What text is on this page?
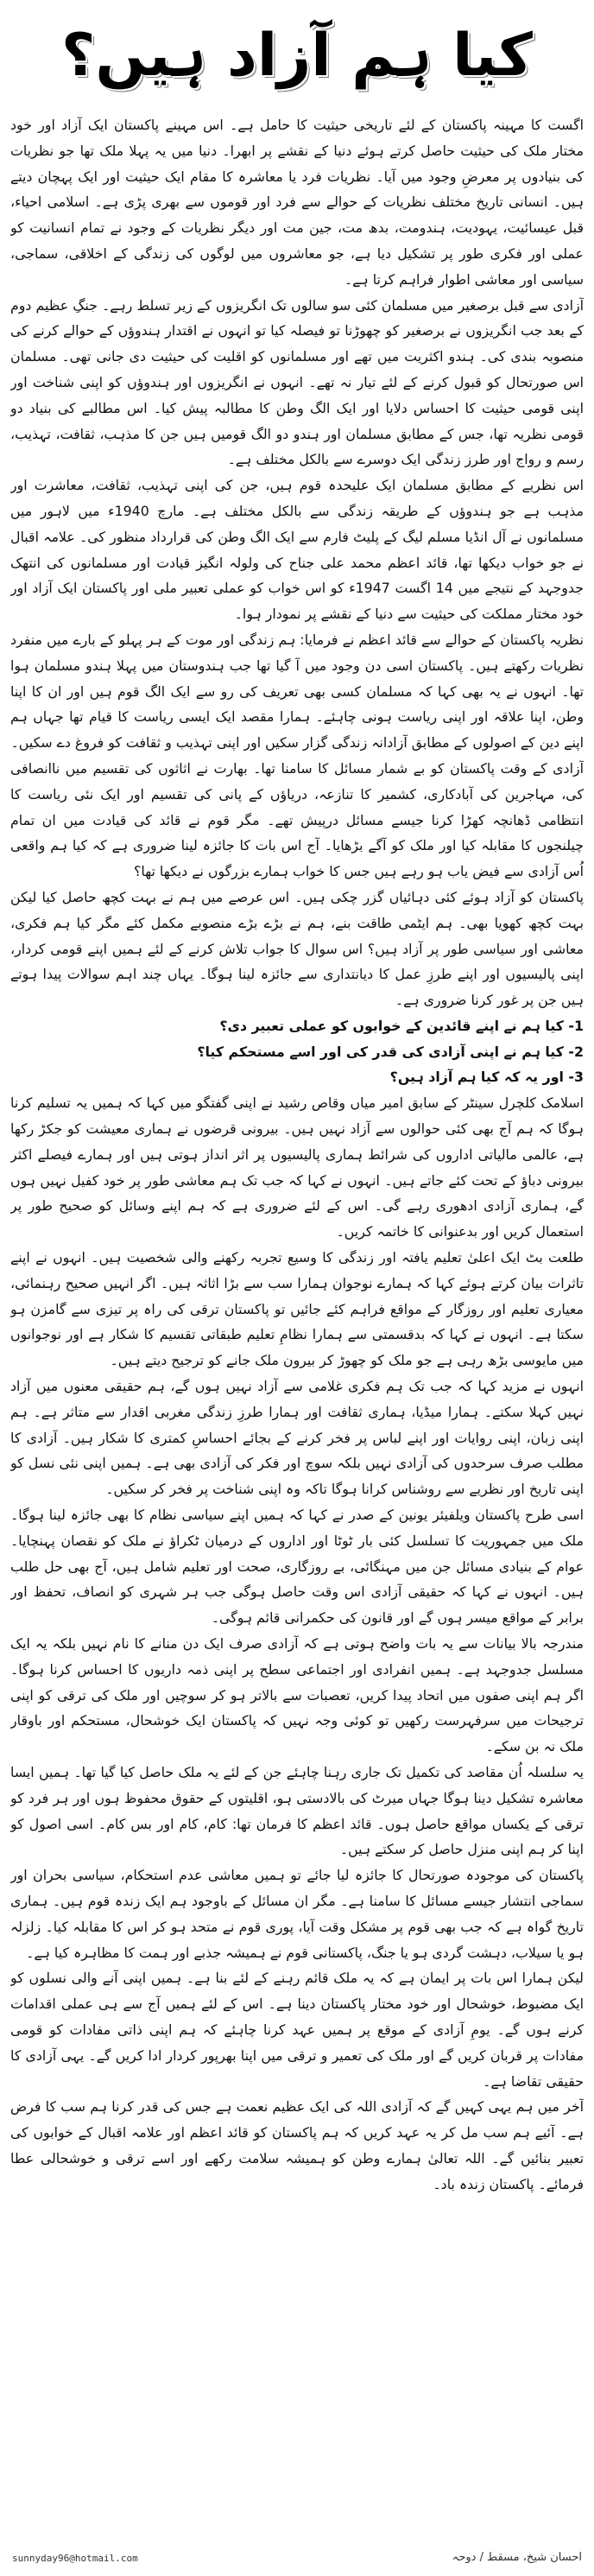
کیا ہم آزاد ہیں؟

اگست کا مہینہ پاکستان کے لئے تاریخی حیثیت کا حامل ہے۔ اس مہینے پاکستان ایک آزاد اور خود مختار ملک کی حیثیت حاصل کرتے ہوئے دنیا کے نقشے پر ابھرا۔ دنیا میں یہ پہلا ملک تھا جو نظریات کی بنیادوں پر معرضِ وجود میں آیا۔ نظریات فرد یا معاشرہ کا مقام ایک حیثیت اور ایک پہچان دیتے ہیں۔ انسانی تاریخ مختلف نظریات کے حوالے سے فرد اور قوموں سے بھری پڑی ہے۔ اسلامی احیاء، قبل عیسائیت، یہودیت، ہندومت، بدھ مت، جین مت اور دیگر نظریات کے وجود نے تمام انسانیت کو عملی اور فکری طور پر تشکیل دیا ہے، جو معاشروں میں لوگوں کی زندگی کے اخلاقی، سماجی، سیاسی اور معاشی اطوار فراہم کرتا ہے۔

آزادی سے قبل برصغیر میں مسلمان کئی سو سالوں تک انگریزوں کے زیر تسلط رہے۔ جنگِ عظیم دوم کے بعد جب انگریزوں نے برصغیر کو چھوڑنا تو فیصلہ کیا تو انہوں نے اقتدار ہندوؤں کے حوالے کرنے کی منصوبہ بندی کی۔ ہندو اکثریت میں تھے اور مسلمانوں کو اقلیت کی حیثیت دی جانی تھی۔ مسلمان اس صورتحال کو قبول کرنے کے لئے تیار نہ تھے۔ انہوں نے انگریزوں اور ہندوؤں کو اپنی شناخت اور اپنی قومی حیثیت کا احساس دلایا اور ایک الگ وطن کا مطالبہ پیش کیا۔ اس مطالبے کی بنیاد دو قومی نظریہ تھا، جس کے مطابق مسلمان اور ہندو دو الگ قومیں ہیں جن کا مذہب، ثقافت، تہذیب، رسم و رواج اور طرز زندگی ایک دوسرے سے بالکل مختلف ہے۔

اس نظریے کے مطابق مسلمان ایک علیحدہ قوم ہیں، جن کی اپنی تہذیب، ثقافت، معاشرت اور مذہب ہے جو ہندوؤں کے طریقہ زندگی سے بالکل مختلف ہے۔ مارچ 1940ء میں لاہور میں مسلمانوں نے آل انڈیا مسلم لیگ کے پلیٹ فارم سے ایک الگ وطن کی قرارداد منظور کی۔ علامہ اقبال نے جو خواب دیکھا تھا، قائد اعظم محمد علی جناح کی ولولہ انگیز قیادت اور مسلمانوں کی انتھک جدوجہد کے نتیجے میں 14 اگست 1947ء کو اس خواب کو عملی تعبیر ملی اور پاکستان ایک آزاد اور خود مختار مملکت کی حیثیت سے دنیا کے نقشے پر نمودار ہوا۔

نظریہ پاکستان کے حوالے سے قائد اعظم نے فرمایا: ہم زندگی اور موت کے ہر پہلو کے بارے میں منفرد نظریات رکھتے ہیں۔ پاکستان اسی دن وجود میں آ گیا تھا جب ہندوستان میں پہلا ہندو مسلمان ہوا تھا۔ انہوں نے یہ بھی کہا کہ مسلمان کسی بھی تعریف کی رو سے ایک الگ قوم ہیں اور ان کا اپنا وطن، اپنا علاقہ اور اپنی ریاست ہونی چاہئے۔ ہمارا مقصد ایک ایسی ریاست کا قیام تھا جہاں ہم اپنے دین کے اصولوں کے مطابق آزادانہ زندگی گزار سکیں اور اپنی تہذیب و ثقافت کو فروغ دے سکیں۔

آزادی کے وقت پاکستان کو بے شمار مسائل کا سامنا تھا۔ بھارت نے اثاثوں کی تقسیم میں ناانصافی کی، مہاجرین کی آبادکاری، کشمیر کا تنازعہ، دریاؤں کے پانی کی تقسیم اور ایک نئی ریاست کا انتظامی ڈھانچہ کھڑا کرنا جیسے مسائل درپیش تھے۔ مگر قوم نے قائد کی قیادت میں ان تمام چیلنجوں کا مقابلہ کیا اور ملک کو آگے بڑھایا۔ آج اس بات کا جائزہ لینا ضروری ہے کہ کیا ہم واقعی اُس آزادی سے فیض یاب ہو رہے ہیں جس کا خواب ہمارے بزرگوں نے دیکھا تھا؟

پاکستان کو آزاد ہوئے کئی دہائیاں گزر چکی ہیں۔ اس عرصے میں ہم نے بہت کچھ حاصل کیا لیکن بہت کچھ کھویا بھی۔ ہم ایٹمی طاقت بنے، ہم نے بڑے بڑے منصوبے مکمل کئے مگر کیا ہم فکری، معاشی اور سیاسی طور پر آزاد ہیں؟ اس سوال کا جواب تلاش کرنے کے لئے ہمیں اپنے قومی کردار، اپنی پالیسیوں اور اپنے طرزِ عمل کا دیانتداری سے جائزہ لینا ہوگا۔ یہاں چند اہم سوالات پیدا ہوتے ہیں جن پر غور کرنا ضروری ہے۔

1- کیا ہم نے اپنے قائدین کے خوابوں کو عملی تعبیر دی؟
2- کیا ہم نے اپنی آزادی کی قدر کی اور اسے مستحکم کیا؟
3- اور یہ کہ کیا ہم آزاد ہیں؟

اسلامک کلچرل سینٹر کے سابق امیر میاں وقاص رشید نے اپنی گفتگو میں کہا کہ ہمیں یہ تسلیم کرنا ہوگا کہ ہم آج بھی کئی حوالوں سے آزاد نہیں ہیں۔ بیرونی قرضوں نے ہماری معیشت کو جکڑ رکھا ہے، عالمی مالیاتی اداروں کی شرائط ہماری پالیسیوں پر اثر انداز ہوتی ہیں اور ہمارے فیصلے اکثر بیرونی دباؤ کے تحت کئے جاتے ہیں۔ انہوں نے کہا کہ جب تک ہم معاشی طور پر خود کفیل نہیں ہوں گے، ہماری آزادی ادھوری رہے گی۔ اس کے لئے ضروری ہے کہ ہم اپنے وسائل کو صحیح طور پر استعمال کریں اور بدعنوانی کا خاتمہ کریں۔

طلعت بٹ ایک اعلیٰ تعلیم یافتہ اور زندگی کا وسیع تجربہ رکھنے والی شخصیت ہیں۔ انہوں نے اپنے تاثرات بیان کرتے ہوئے کہا کہ ہمارے نوجوان ہمارا سب سے بڑا اثاثہ ہیں۔ اگر انہیں صحیح رہنمائی، معیاری تعلیم اور روزگار کے مواقع فراہم کئے جائیں تو پاکستان ترقی کی راہ پر تیزی سے گامزن ہو سکتا ہے۔ انہوں نے کہا کہ بدقسمتی سے ہمارا نظامِ تعلیم طبقاتی تقسیم کا شکار ہے اور نوجوانوں میں مایوسی بڑھ رہی ہے جو ملک کو چھوڑ کر بیرون ملک جانے کو ترجیح دیتے ہیں۔

انہوں نے مزید کہا کہ جب تک ہم فکری غلامی سے آزاد نہیں ہوں گے، ہم حقیقی معنوں میں آزاد نہیں کہلا سکتے۔ ہمارا میڈیا، ہماری ثقافت اور ہمارا طرزِ زندگی مغربی اقدار سے متاثر ہے۔ ہم اپنی زبان، اپنی روایات اور اپنے لباس پر فخر کرنے کے بجائے احساسِ کمتری کا شکار ہیں۔ آزادی کا مطلب صرف سرحدوں کی آزادی نہیں بلکہ سوچ اور فکر کی آزادی بھی ہے۔ ہمیں اپنی نئی نسل کو اپنی تاریخ اور نظریے سے روشناس کرانا ہوگا تاکہ وہ اپنی شناخت پر فخر کر سکیں۔

اسی طرح پاکستان ویلفیئر یونین کے صدر نے کہا کہ ہمیں اپنے سیاسی نظام کا بھی جائزہ لینا ہوگا۔ ملک میں جمہوریت کا تسلسل کئی بار ٹوٹا اور اداروں کے درمیان ٹکراؤ نے ملک کو نقصان پہنچایا۔ عوام کے بنیادی مسائل جن میں مہنگائی، بے روزگاری، صحت اور تعلیم شامل ہیں، آج بھی حل طلب ہیں۔ انہوں نے کہا کہ حقیقی آزادی اس وقت حاصل ہوگی جب ہر شہری کو انصاف، تحفظ اور برابر کے مواقع میسر ہوں گے اور قانون کی حکمرانی قائم ہوگی۔

مندرجہ بالا بیانات سے یہ بات واضح ہوتی ہے کہ آزادی صرف ایک دن منانے کا نام نہیں بلکہ یہ ایک مسلسل جدوجہد ہے۔ ہمیں انفرادی اور اجتماعی سطح پر اپنی ذمہ داریوں کا احساس کرنا ہوگا۔ اگر ہم اپنی صفوں میں اتحاد پیدا کریں، تعصبات سے بالاتر ہو کر سوچیں اور ملک کی ترقی کو اپنی ترجیحات میں سرفہرست رکھیں تو کوئی وجہ نہیں کہ پاکستان ایک خوشحال، مستحکم اور باوقار ملک نہ بن سکے۔

یہ سلسلہ اُن مقاصد کی تکمیل تک جاری رہنا چاہئے جن کے لئے یہ ملک حاصل کیا گیا تھا۔ ہمیں ایسا معاشرہ تشکیل دینا ہوگا جہاں میرٹ کی بالادستی ہو، اقلیتوں کے حقوق محفوظ ہوں اور ہر فرد کو ترقی کے یکساں مواقع حاصل ہوں۔ قائد اعظم کا فرمان تھا: کام، کام اور بس کام۔ اسی اصول کو اپنا کر ہم اپنی منزل حاصل کر سکتے ہیں۔

پاکستان کی موجودہ صورتحال کا جائزہ لیا جائے تو ہمیں معاشی عدم استحکام، سیاسی بحران اور سماجی انتشار جیسے مسائل کا سامنا ہے۔ مگر ان مسائل کے باوجود ہم ایک زندہ قوم ہیں۔ ہماری تاریخ گواہ ہے کہ جب بھی قوم پر مشکل وقت آیا، پوری قوم نے متحد ہو کر اس کا مقابلہ کیا۔ زلزلہ ہو یا سیلاب، دہشت گردی ہو یا جنگ، پاکستانی قوم نے ہمیشہ جذبے اور ہمت کا مظاہرہ کیا ہے۔

لیکن ہمارا اس بات پر ایمان ہے کہ یہ ملک قائم رہنے کے لئے بنا ہے۔ ہمیں اپنی آنے والی نسلوں کو ایک مضبوط، خوشحال اور خود مختار پاکستان دینا ہے۔ اس کے لئے ہمیں آج سے ہی عملی اقدامات کرنے ہوں گے۔ یومِ آزادی کے موقع پر ہمیں عہد کرنا چاہئے کہ ہم اپنی ذاتی مفادات کو قومی مفادات پر قربان کریں گے اور ملک کی تعمیر و ترقی میں اپنا بھرپور کردار ادا کریں گے۔ یہی آزادی کا حقیقی تقاضا ہے۔

آخر میں ہم یہی کہیں گے کہ آزادی اللہ کی ایک عظیم نعمت ہے جس کی قدر کرنا ہم سب کا فرض ہے۔ آئیے ہم سب مل کر یہ عہد کریں کہ ہم پاکستان کو قائد اعظم اور علامہ اقبال کے خوابوں کی تعبیر بنائیں گے۔ اللہ تعالیٰ ہمارے وطن کو ہمیشہ سلامت رکھے اور اسے ترقی و خوشحالی عطا فرمائے۔ پاکستان زندہ باد۔

احسان شیخ، مسقط / دوحہ
sunnyday96@hotmail.com
